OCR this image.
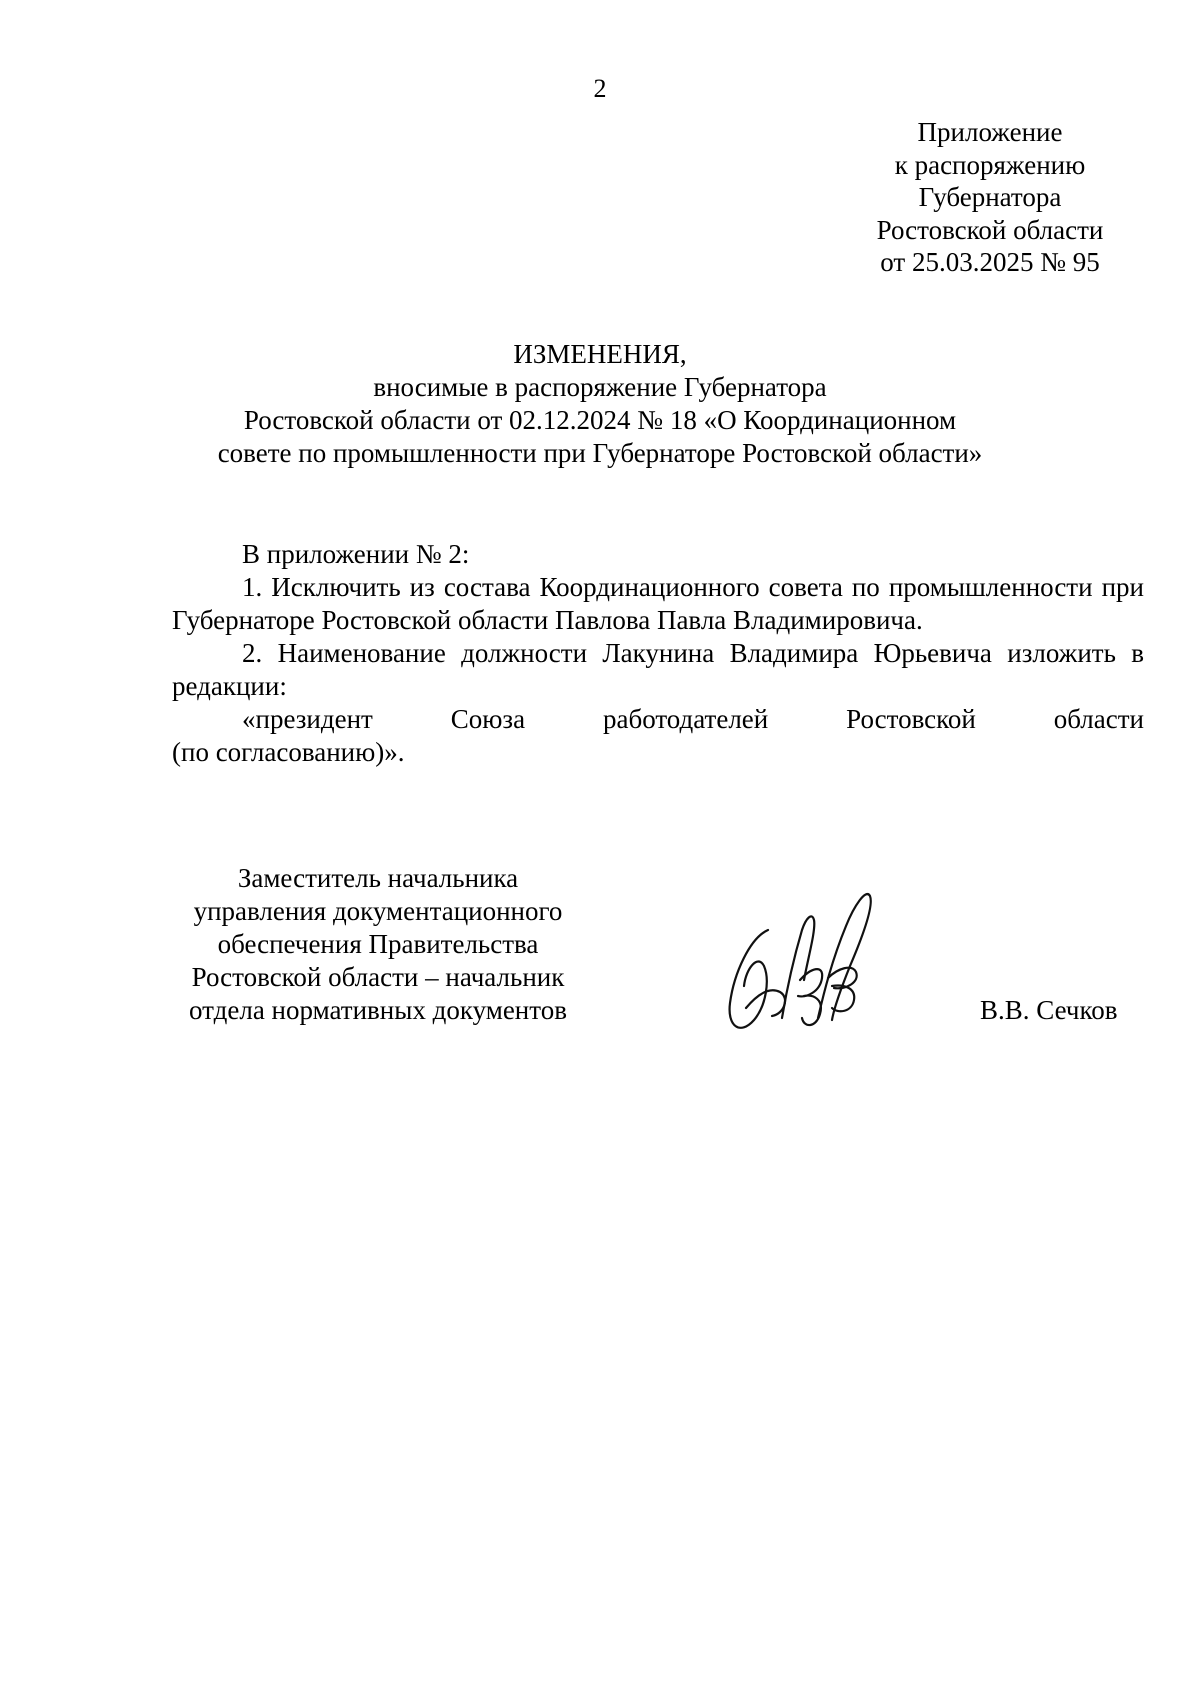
2
Приложение
к распоряжению
Губернатора
Ростовской области
от 25.03.2025 № 95
ИЗМЕНЕНИЯ,
вносимые в распоряжение Губернатора
Ростовской области от 02.12.2024 № 18 «О Координационном
совете по промышленности при Губернаторе Ростовской области»
В приложении № 2:
1. Исключить из состава Координационного совета по промышленности при Губернаторе Ростовской области Павлова Павла Владимировича.
2. Наименование должности Лакунина Владимира Юрьевича изложить в редакции:
«президент	Союза	работодателей	Ростовской	области
(по согласованию)».
Заместитель начальника
управления документационного
обеспечения Правительства
Ростовской области – начальник
отдела нормативных документов	В.В. Сечков
